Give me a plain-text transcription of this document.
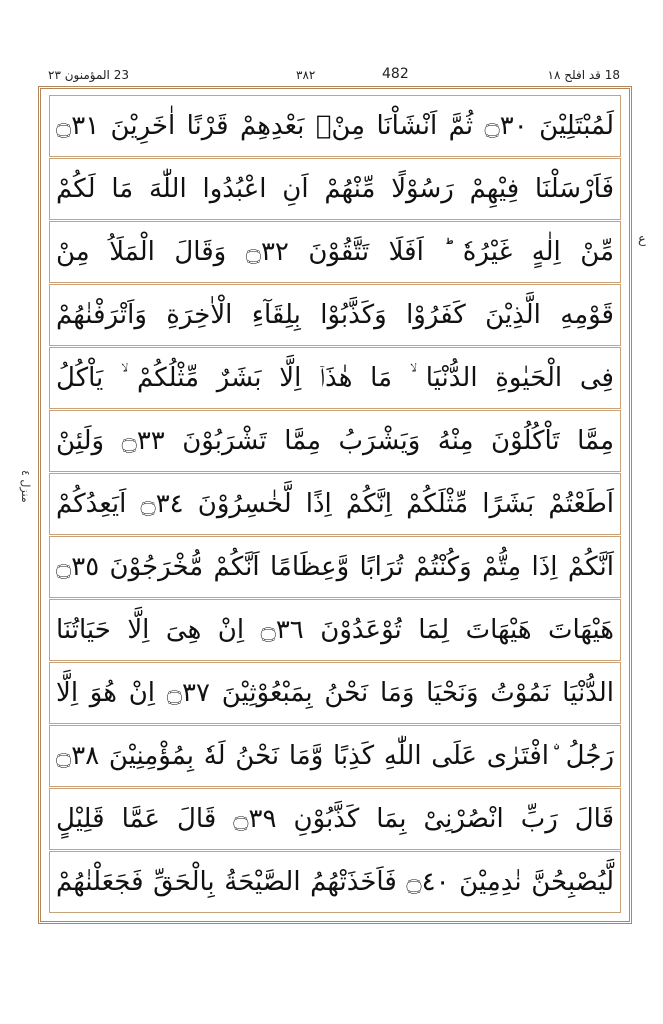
23 المؤمنون ٢٣	٣٨٢	482	18 قد افلح ١٨
منزل ٤
ع
لَمُبْتَلِيْنَ ۝٣٠ ثُمَّ اَنْشَاْنَا مِنْۢ بَعْدِهِمْ قَرْنًا اٰخَرِيْنَ ۝٣١
فَاَرْسَلْنَا فِيْهِمْ رَسُوْلًا مِّنْهُمْ اَنِ اعْبُدُوا اللّٰهَ مَا لَكُمْ
مِّنْ اِلٰهٍ غَيْرُهٗ ؕ اَفَلَا تَتَّقُوْنَ ۝٣٢ وَقَالَ الْمَلَاُ مِنْ
قَوْمِهِ الَّذِيْنَ كَفَرُوْا وَكَذَّبُوْا بِلِقَآءِ الْاٰخِرَةِ وَاَتْرَفْنٰهُمْ
فِى الْحَيٰوةِ الدُّنْيَا ۙ مَا هٰذَاۤ اِلَّا بَشَرٌ مِّثْلُكُمْ ۙ يَاْكُلُ
مِمَّا تَاْكُلُوْنَ مِنْهُ وَيَشْرَبُ مِمَّا تَشْرَبُوْنَ ۝٣٣ وَلَئِنْ
اَطَعْتُمْ بَشَرًا مِّثْلَكُمْ اِنَّكُمْ اِذًا لَّخٰسِرُوْنَ ۝٣٤ اَيَعِدُكُمْ
اَنَّكُمْ اِذَا مِتُّمْ وَكُنْتُمْ تُرَابًا وَّعِظَامًا اَنَّكُمْ مُّخْرَجُوْنَ ۝٣٥
هَيْهَاتَ هَيْهَاتَ لِمَا تُوْعَدُوْنَ ۝٣٦ اِنْ هِىَ اِلَّا حَيَاتُنَا
الدُّنْيَا نَمُوْتُ وَنَحْيَا وَمَا نَحْنُ بِمَبْعُوْثِيْنَ ۝٣٧ اِنْ هُوَ اِلَّا
رَجُلُ ۨافْتَرٰى عَلَى اللّٰهِ كَذِبًا وَّمَا نَحْنُ لَهٗ بِمُؤْمِنِيْنَ ۝٣٨
قَالَ رَبِّ انْصُرْنِىْ بِمَا كَذَّبُوْنِ ۝٣٩ قَالَ عَمَّا قَلِيْلٍ
لَّيُصْبِحُنَّ نٰدِمِيْنَ ۝٤٠ فَاَخَذَتْهُمُ الصَّيْحَةُ بِالْحَقِّ فَجَعَلْنٰهُمْ
